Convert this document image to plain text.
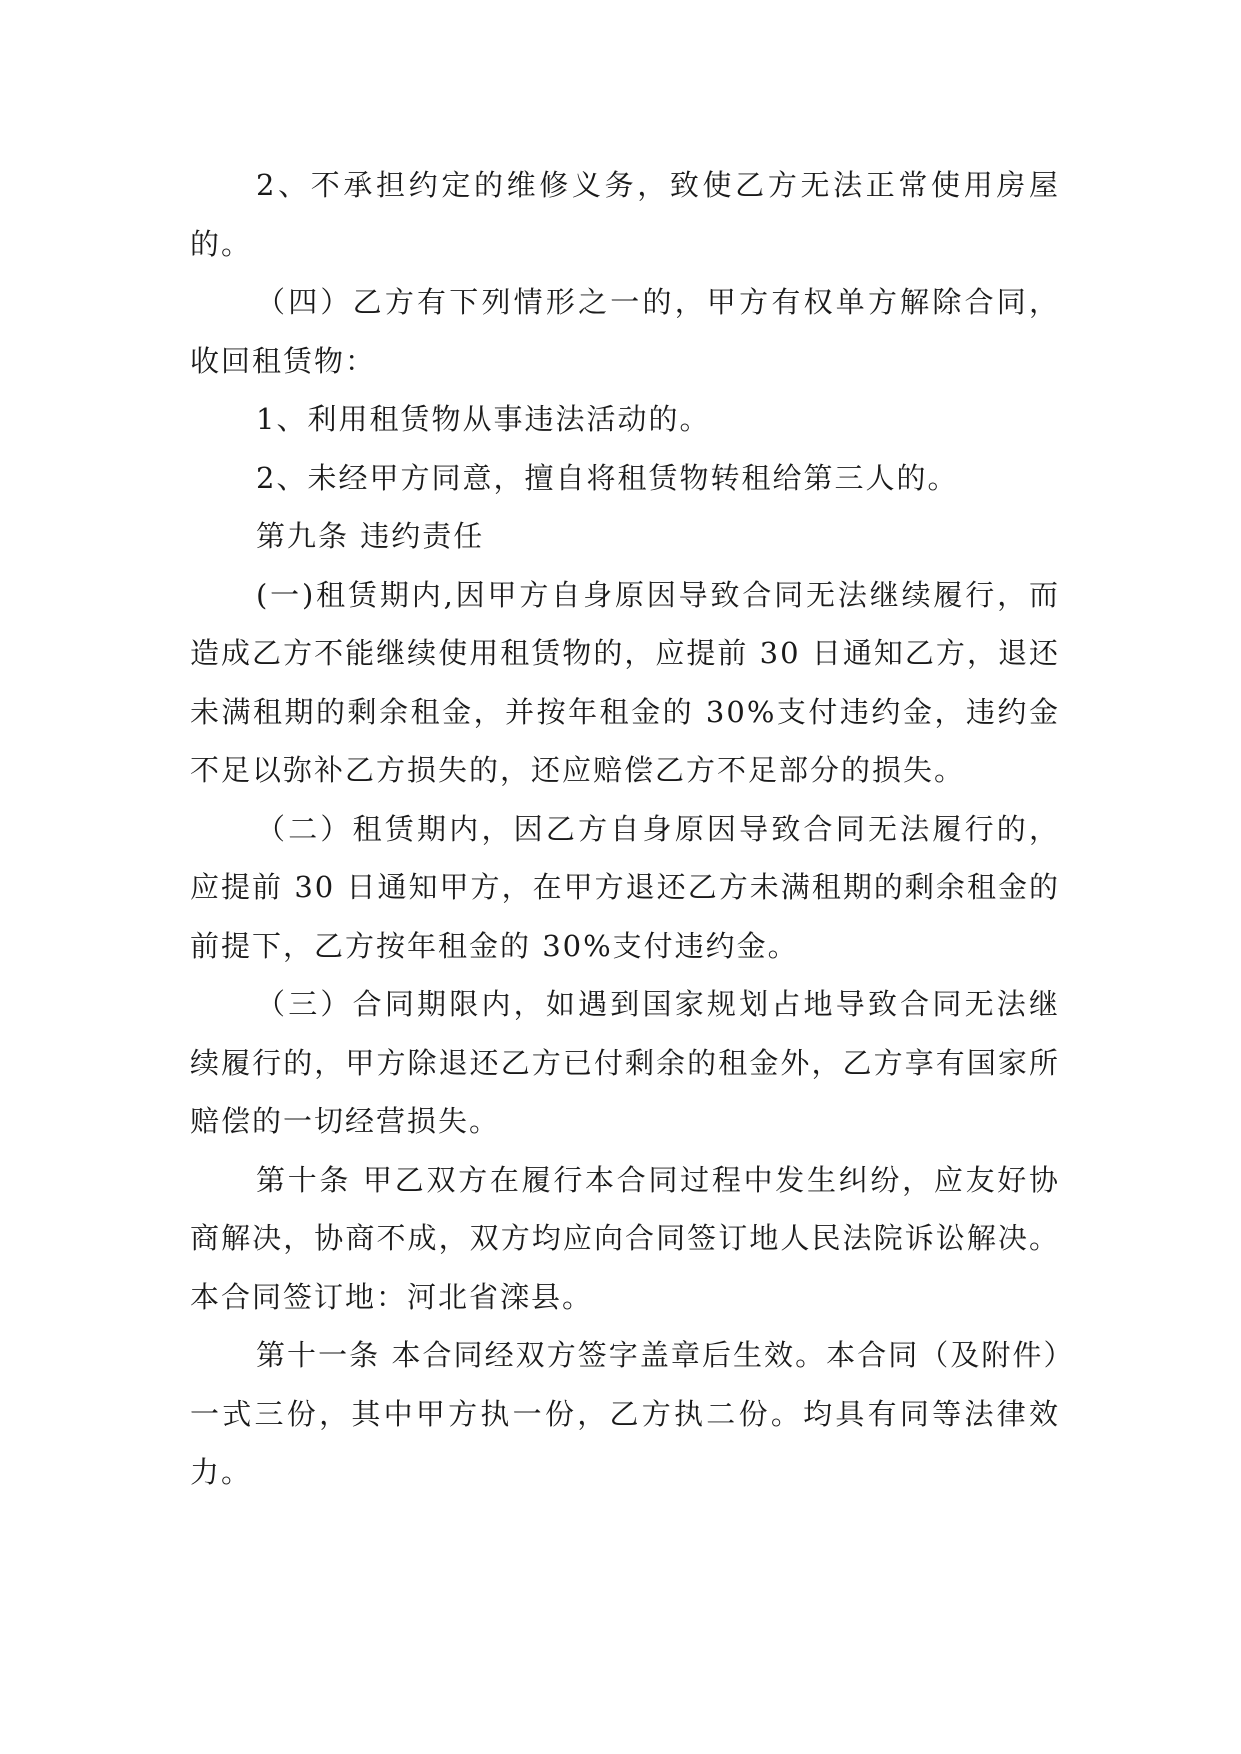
2、不承担约定的维修义务，致使乙方无法正常使用房屋的。

（四）乙方有下列情形之一的，甲方有权单方解除合同，收回租赁物：

1、利用租赁物从事违法活动的。

2、未经甲方同意，擅自将租赁物转租给第三人的。

第九条 违约责任

(一)租赁期内,因甲方自身原因导致合同无法继续履行，而造成乙方不能继续使用租赁物的，应提前 30 日通知乙方，退还未满租期的剩余租金，并按年租金的 30%支付违约金，违约金不足以弥补乙方损失的，还应赔偿乙方不足部分的损失。

（二）租赁期内，因乙方自身原因导致合同无法履行的，应提前 30 日通知甲方，在甲方退还乙方未满租期的剩余租金的前提下，乙方按年租金的 30%支付违约金。

（三）合同期限内，如遇到国家规划占地导致合同无法继续履行的，甲方除退还乙方已付剩余的租金外，乙方享有国家所赔偿的一切经营损失。

第十条 甲乙双方在履行本合同过程中发生纠纷，应友好协商解决，协商不成，双方均应向合同签订地人民法院诉讼解决。本合同签订地：河北省滦县。

第十一条 本合同经双方签字盖章后生效。本合同（及附件）一式三份，其中甲方执一份，乙方执二份。均具有同等法律效力。
